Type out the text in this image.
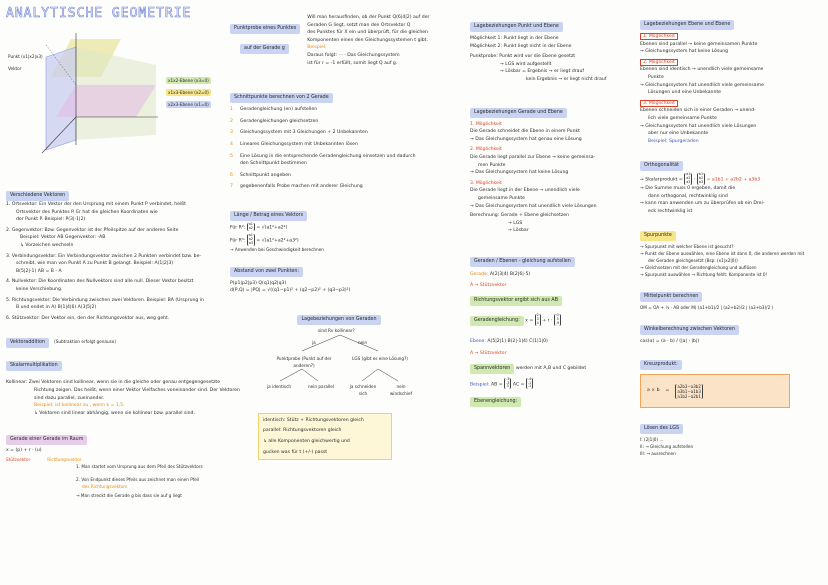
ANALYTISCHE GEOMETRIE
Punkt (x1|x2|x3)
Vektor
x1x2-Ebene (x3=0)
x1x3-Ebene (x2=0)
x2x3-Ebene (x1=0)
Verschiedene Vektoren
1. Ortsvektor: Ein Vektor der den Ursprung mit einem Punkt P verbindet, heißt
Ortsvektor des Punktes P. Er hat die gleichen Koordinaten wie
der Punkt P. Beispiel: P(3|-1|2)
2. Gegenvektor: Bzw. Gegenvektor ist der Pfeilspitze auf der anderen Seite
Beispiel: Vektor AB Gegenvektor: -AB
↳ Vorzeichen wechseln
3. Verbindungsvektor: Ein Verbindungsvektor zwischen 2 Punkten verbindet bzw. be-
schreibt, wie man von Punkt A zu Punkt B gelangt. Beispiel: A(1|2|3)
B(5|2|-1) AB = B - A
4. Nullvektor: Die Koordinaten des Nullvektors sind alle null. Dieser Vektor besitzt
keine Verschiebung.
5. Richtungsvektor: Die Verbindung zwischen zwei Vektoren. Beispiel: BA (Ursprung in
B und endet in A) B(1|4|6) A(3|5|2)
6. Stützvektor: Der Vektor ein, den der Richtungsvektor aus, weg geht.
Vektoraddition (Subtraktion erfolgt genauso)
Skalarmultiplikation
Kollinear: Zwei Vektoren sind kollinear, wenn sie in die gleiche oder genau entgegengesetzte
Richtung zeigen. Das heißt, wenn einer Vektor Vielfaches voneinander sind. Der Vektoren
sind dazu parallel, zueinander.
Beispiel: ist kollinear zu , wenn k = 1,5
↳ Vektoren sind linear abhängig, wenn sie kollinear bzw. parallel sind.
Gerade einer Gerade im Raum
x = (p) + r · (u)
Stützvektor	Richtungsvektor
1. Man startet vom Ursprung aus dem Pfeil des Stützvektors
2. Von Endpunkt dieses Pfeils aus zeichnet man einen Pfeil
des Richtungsvektors
→ Man streckt die Gerade g bis dass sie auf g liegt
Punktprobe eines Punktes
auf der Gerade g
Will man herausfinden, ob der Punkt Q(6|4|2) auf der
Geraden G liegt, setzt man den Ortsvektor Q
des Punktes für X ein und überprüft, für die gleichen
Komponenten einen den Gleichungssystemen t gibt.
Beispiel:
Daraus folgt: · · · Das Gleichungssystem
ist für r = -1 erfüllt, somit liegt Q auf g.
Schnittpunkte berechnen von 2 Gerade
1	Geradengleichung (en) aufstellen
2	Geradengleichungen gleichsetzen
3	Gleichungssystem mit 3 Gleichungen + 2 Unbekannten
4	Lineares Gleichungssystem mit Unbekannten lösen
5	Eine Lösung in die entsprechende Geradengleichung einsetzen und dadurch
den Schnittpunkt bestimmen
6	Schnittpunkt angeben
7	gegebenenfalls Probe machen mit anderer Gleichung
Länge / Betrag eines Vektors
Für R²: a1
a2 = √(a1²+a2²)
Für R³: a1
a2
a3 = √(a1²+a2²+a3²)
→ Anwenden bei Geschwindigkeit berechnen
Abstand von zwei Punkten:
P(p1|p2|p3) Q(q1|q2|q3)
d(P,Q) = |PQ| = √((q1−p1)² + (q2−p2)² + (q3−p3)²)
Lagebeziehungen von Geraden
sind Rv kollinear?
ja	nein
Punktprobe (Punkt auf der anderen?)
LGS (gibt es eine Lösung?)
ja identisch	nein parallel	ja schneiden sich
nein windschief
identisch: Stütz + Richtungsvektoren gleich
parallel: Richtungsvektoren gleich
↳ alle Komponenten gleichwertig und
gucken was für t (+/-) passt
Lagebeziehungen Punkt und Ebene
Möglichkeit 1: Punkt liegt in der Ebene
Möglichkeit 2: Punkt liegt nicht in der Ebene
Punktprobe: Punkt wird vor die Ebene gesetzt
→ LGS wird aufgestellt
→ Lösbar = Ergebnis → er liegt drauf
kein Ergebnis → er liegt nicht drauf
Lagebeziehungen Gerade und Ebene
1. Möglichkeit
Die Gerade schneidet die Ebene in einem Punkt
→ Das Gleichungssystem hat genau eine Lösung
2. Möglichkeit
Die Gerade liegt parallel zur Ebene → keine gemeinsa-
men Punkte
→ Das Gleichungssystem hat keine Lösung
3. Möglichkeit
Die Gerade liegt in der Ebene → unendlich viele
gemeinsame Punkte
→ Das Gleichungssystem hat unendlich viele Lösungen
Berechnung: Gerade + Ebene gleichsetzen
→ LGS
→ Lösbar
Geraden / Ebenen - gleichung aufstellen
Gerade: A(2|3|4) B(2|6|-5)
A → Stützvektor
Richtungsvektor ergibt sich aus AB
Geradengleichung: x = 2
3
4 + r · 0
3
-9
Ebene: A(5|2|1) B(2|-1|4) C(1|1|0)
A → Stützvektor
Spannvektoren werden mit A,B und C gebildet
Beispiel: AB = -3
-3
3 AC = -4
-1
-1
Ebenengleichung:
Lagebeziehungen Ebene und Ebene
1. Möglichkeit
Ebenen sind parallel → keine gemeinsamen Punkte
→ Gleichungssystem hat keine Lösung
2. Möglichkeit
Ebenen sind identisch → unendlich viele gemeinsame
Punkte
→ Gleichungssystem hat unendlich viele gemeinsame
Lösungen und eine Unbekannte
3. Möglichkeit
Ebenen schneiden sich in einer Geraden → unend-
lich viele gemeinsame Punkte
→ Gleichungssystem hat unendlich viele Lösungen
aber nur eine Unbekannte
Beispiel: Spurgeraden
Orthogonalität
→ Skalarprodukt = a1
a2
a3 · b1
b2
b3 = a1b1 + a2b2 + a3b3
→ Die Summe muss 0 ergeben, damit die
dann orthogonal, rechtwinklig sind
→ kann man anwenden um zu überprüfen ob ein Drei-
eck rechtwinklig ist
Spurpunkte
→ Spurpunkt mit welcher Ebene ist gesucht?
→ Punkt der Ebene auswählen, eine Ebene ist dann 0, die anderen werden mit
der Geraden gleichgesetzt (Bsp: (x1|x2|0))
→ Gleichsetzen mit der Geradengleichung und auflösen
→ Spurpunkt auswählen → Richtung fehlt: Komponente ist 0!
Mittelpunkt berechnen
OM = OA + ½ · AB oder M( (a1+b1)/2 | (a2+b2)/2 | (a3+b3)/2 )
Winkelberechnung zwischen Vektoren
cos(α) = (a · b) / (|a| · |b|)
Kreuzprodukt:
a × b =
a2b3−a3b2
a3b1−a1b3
a1b2−a2b1
Lösen des LGS
I: (2|1|0) ...
II: → Gleichung aufstellen
III: → ausrechnen
